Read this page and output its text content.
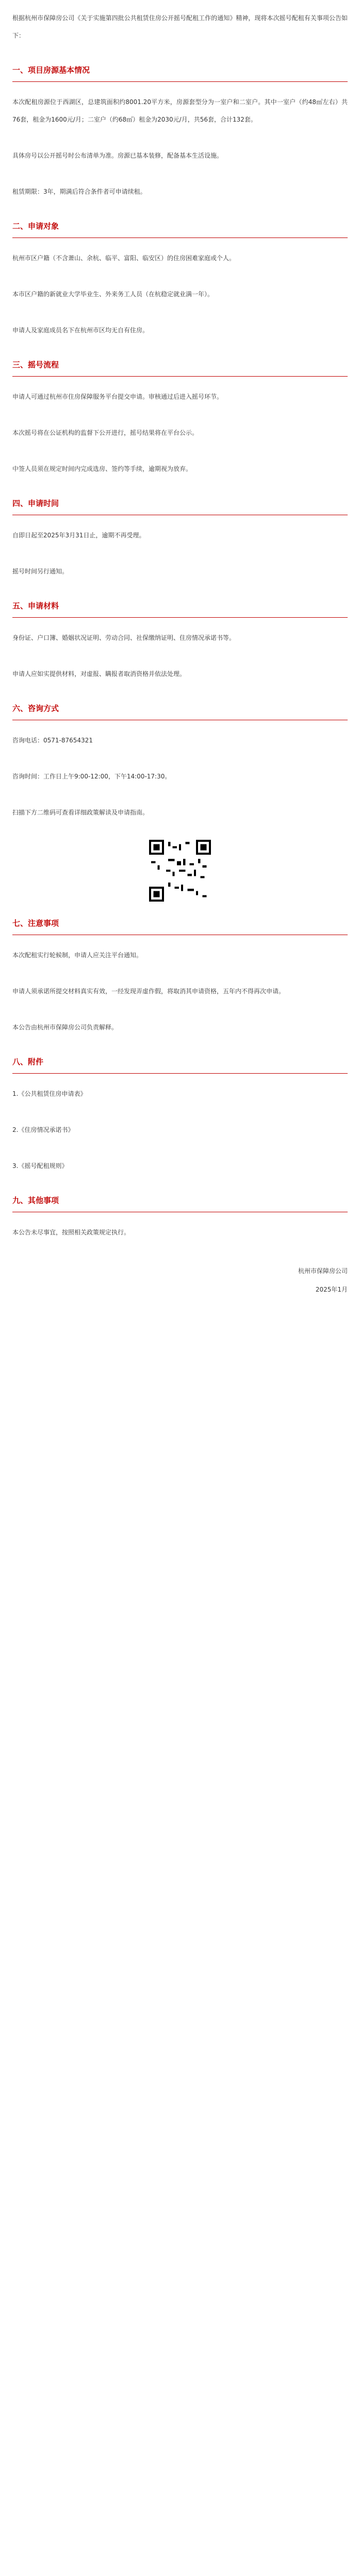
根据杭州市保障房公司《关于实施第四批公共租赁住房公开摇号配租工作的通知》精神，现将本次摇号配租有关事项公告如下：

一、项目房源基本情况

本次配租房源位于西湖区，总建筑面积约8001.20平方米，房源套型分为一室户和二室户。其中一室户（约48㎡左右）共76套，租金为1600元/月；二室户（约68㎡）租金为2030元/月，共56套，合计132套。

具体房号以公开摇号时公布清单为准。房源已基本装修，配备基本生活设施。

租赁期限：3年，期满后符合条件者可申请续租。

二、申请对象

杭州市区户籍（不含萧山、余杭、临平、富阳、临安区）的住房困难家庭或个人。

本市区户籍的新就业大学毕业生、外来务工人员（在杭稳定就业满一年）。

申请人及家庭成员名下在杭州市区均无自有住房。

三、摇号流程

申请人可通过杭州市住房保障服务平台提交申请。审核通过后进入摇号环节。

本次摇号将在公证机构的监督下公开进行，摇号结果将在平台公示。

中签人员须在规定时间内完成选房、签约等手续，逾期视为放弃。

四、申请时间

自即日起至2025年3月31日止，逾期不再受理。

摇号时间另行通知。

五、申请材料

身份证、户口簿、婚姻状况证明、劳动合同、社保缴纳证明、住房情况承诺书等。

申请人应如实提供材料，对虚报、瞒报者取消资格并依法处理。

六、咨询方式

咨询电话：0571-87654321

咨询时间：工作日上午9:00-12:00，下午14:00-17:30。

扫描下方二维码可查看详细政策解读及申请指南。

七、注意事项

本次配租实行轮候制，申请人应关注平台通知。

申请人须承诺所提交材料真实有效，一经发现弄虚作假，将取消其申请资格，五年内不得再次申请。

本公告由杭州市保障房公司负责解释。

八、附件

1.《公共租赁住房申请表》

2.《住房情况承诺书》

3.《摇号配租规则》

九、其他事项

本公告未尽事宜，按照相关政策规定执行。

杭州市保障房公司
2025年1月
